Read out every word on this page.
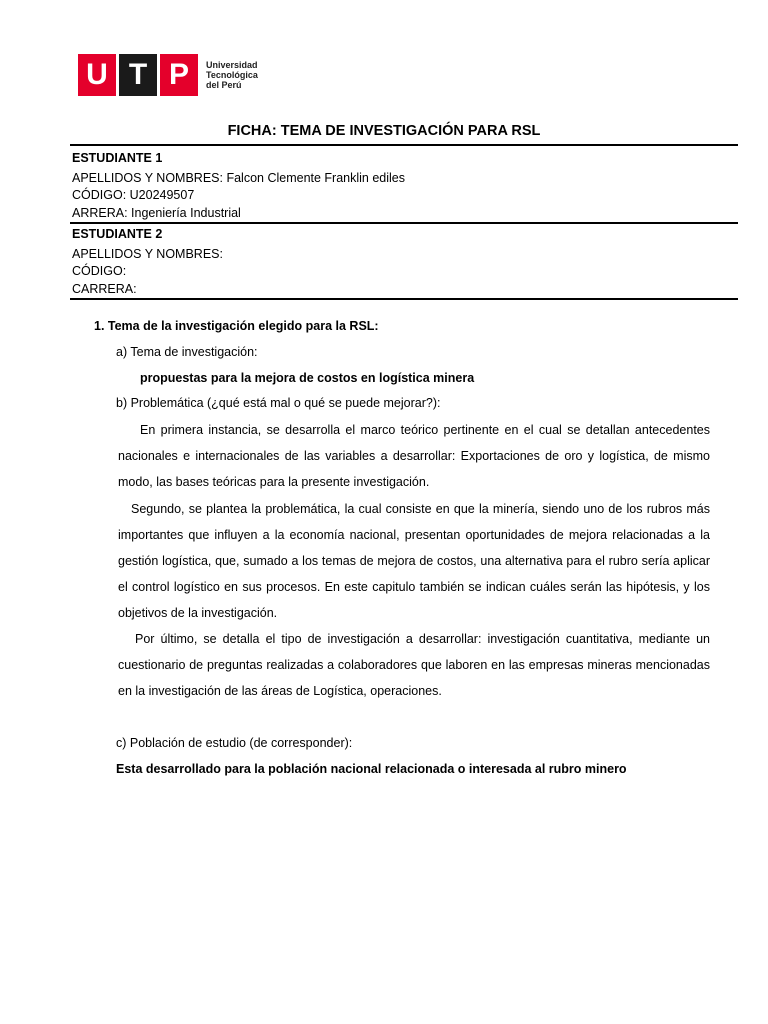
U T P	Universidad
Tecnológica
del Perú
FICHA: TEMA DE INVESTIGACIÓN PARA RSL
ESTUDIANTE 1
APELLIDOS Y NOMBRES: Falcon Clemente Franklin ediles
CÓDIGO: U20249507
ARRERA: Ingeniería Industrial
ESTUDIANTE 2
APELLIDOS Y NOMBRES:
CÓDIGO:
CARRERA:
1. Tema de la investigación elegido para la RSL:
a) Tema de investigación:
propuestas para la mejora de costos en logística minera
b) Problemática (¿qué está mal o qué se puede mejorar?):
En primera instancia, se desarrolla el marco teórico pertinente en el cual se detallan antecedentes
nacionales e internacionales de las variables a desarrollar: Exportaciones de oro y logística, de mismo
modo, las bases teóricas para la presente investigación.
Segundo, se plantea la problemática, la cual consiste en que la minería, siendo uno de los rubros más
importantes que influyen a la economía nacional, presentan oportunidades de mejora relacionadas a la
gestión logística, que, sumado a los temas de mejora de costos, una alternativa para el rubro sería aplicar
el control logístico en sus procesos. En este capitulo también se indican cuáles serán las hipótesis, y los
objetivos de la investigación.
Por último, se detalla el tipo de investigación a desarrollar: investigación cuantitativa, mediante un
cuestionario de preguntas realizadas a colaboradores que laboren en las empresas mineras mencionadas
en la investigación de las áreas de Logística, operaciones.
c) Población de estudio (de corresponder):
Esta desarrollado para la población nacional relacionada o interesada al rubro minero
